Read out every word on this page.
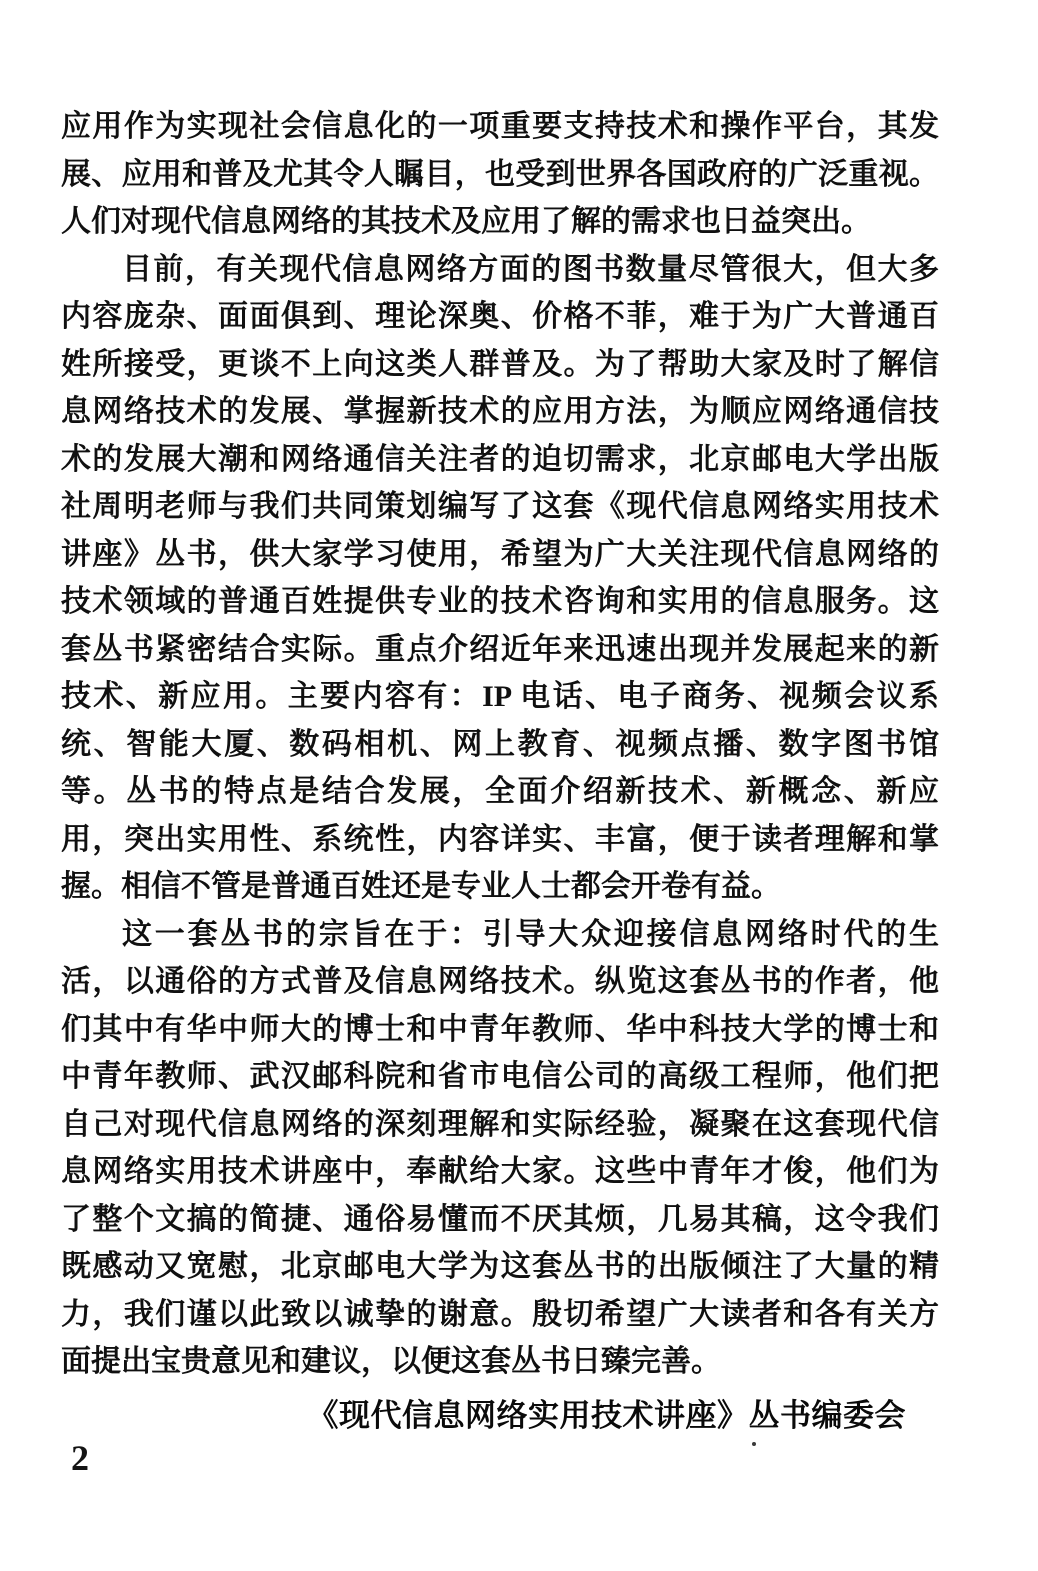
应用作为实现社会信息化的一项重要支持技术和操作平台，其发
展、应用和普及尤其令人瞩目，也受到世界各国政府的广泛重视。
人们对现代信息网络的其技术及应用了解的需求也日益突出。
目前，有关现代信息网络方面的图书数量尽管很大，但大多
内容庞杂、面面俱到、理论深奥、价格不菲，难于为广大普通百
姓所接受，更谈不上向这类人群普及。为了帮助大家及时了解信
息网络技术的发展、掌握新技术的应用方法，为顺应网络通信技
术的发展大潮和网络通信关注者的迫切需求，北京邮电大学出版
社周明老师与我们共同策划编写了这套《现代信息网络实用技术
讲座》丛书，供大家学习使用，希望为广大关注现代信息网络的
技术领域的普通百姓提供专业的技术咨询和实用的信息服务。这
套丛书紧密结合实际。重点介绍近年来迅速出现并发展起来的新
技术、新应用。主要内容有：IP 电话、电子商务、视频会议系
统、智能大厦、数码相机、网上教育、视频点播、数字图书馆
等。丛书的特点是结合发展，全面介绍新技术、新概念、新应
用，突出实用性、系统性，内容详实、丰富，便于读者理解和掌
握。相信不管是普通百姓还是专业人士都会开卷有益。
这一套丛书的宗旨在于：引导大众迎接信息网络时代的生
活，以通俗的方式普及信息网络技术。纵览这套丛书的作者，他
们其中有华中师大的博士和中青年教师、华中科技大学的博士和
中青年教师、武汉邮科院和省市电信公司的高级工程师，他们把
自己对现代信息网络的深刻理解和实际经验，凝聚在这套现代信
息网络实用技术讲座中，奉献给大家。这些中青年才俊，他们为
了整个文搞的简捷、通俗易懂而不厌其烦，几易其稿，这令我们
既感动又宽慰，北京邮电大学为这套丛书的出版倾注了大量的精
力，我们谨以此致以诚挚的谢意。殷切希望广大读者和各有关方
面提出宝贵意见和建议，以便这套丛书日臻完善。
《现代信息网络实用技术讲座》丛书编委会
2
